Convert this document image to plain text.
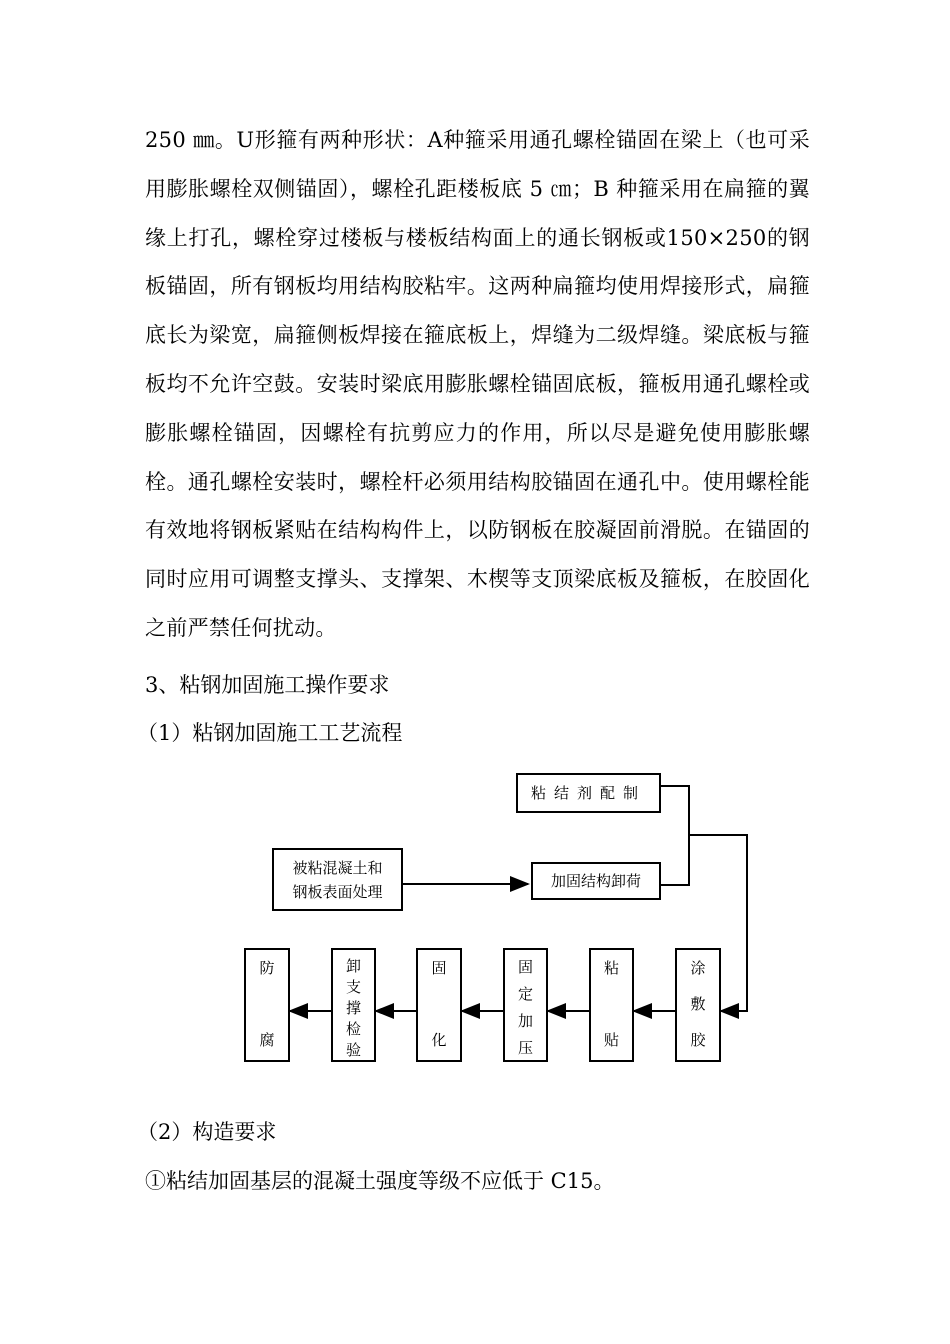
250 ㎜。U形箍有两种形状：A种箍采用通孔螺栓锚固在梁上（也可采用膨胀螺栓双侧锚固），螺栓孔距楼板底 5 ㎝；B 种箍采用在扁箍的翼缘上打孔，螺栓穿过楼板与楼板结构面上的通长钢板或150×250的钢板锚固，所有钢板均用结构胶粘牢。这两种扁箍均使用焊接形式，扁箍底长为梁宽，扁箍侧板焊接在箍底板上，焊缝为二级焊缝。梁底板与箍板均不允许空鼓。安装时梁底用膨胀螺栓锚固底板，箍板用通孔螺栓或膨胀螺栓锚固，因螺栓有抗剪应力的作用，所以尽是避免使用膨胀螺栓。通孔螺栓安装时，螺栓杆必须用结构胶锚固在通孔中。使用螺栓能有效地将钢板紧贴在结构构件上，以防钢板在胶凝固前滑脱。在锚固的同时应用可调整支撑头、支撑架、木楔等支顶梁底板及箍板，在胶固化之前严禁任何扰动。

3、粘钢加固施工操作要求

（1）粘钢加固施工工艺流程

粘结剂配制
被粘混凝土和
钢板表面处理
加固结构卸荷
涂
敷
胶
粘
贴
固
定
加
压
固
化
卸
支
撑
检
验
防
腐

（2）构造要求

①粘结加固基层的混凝土强度等级不应低于 C15。
